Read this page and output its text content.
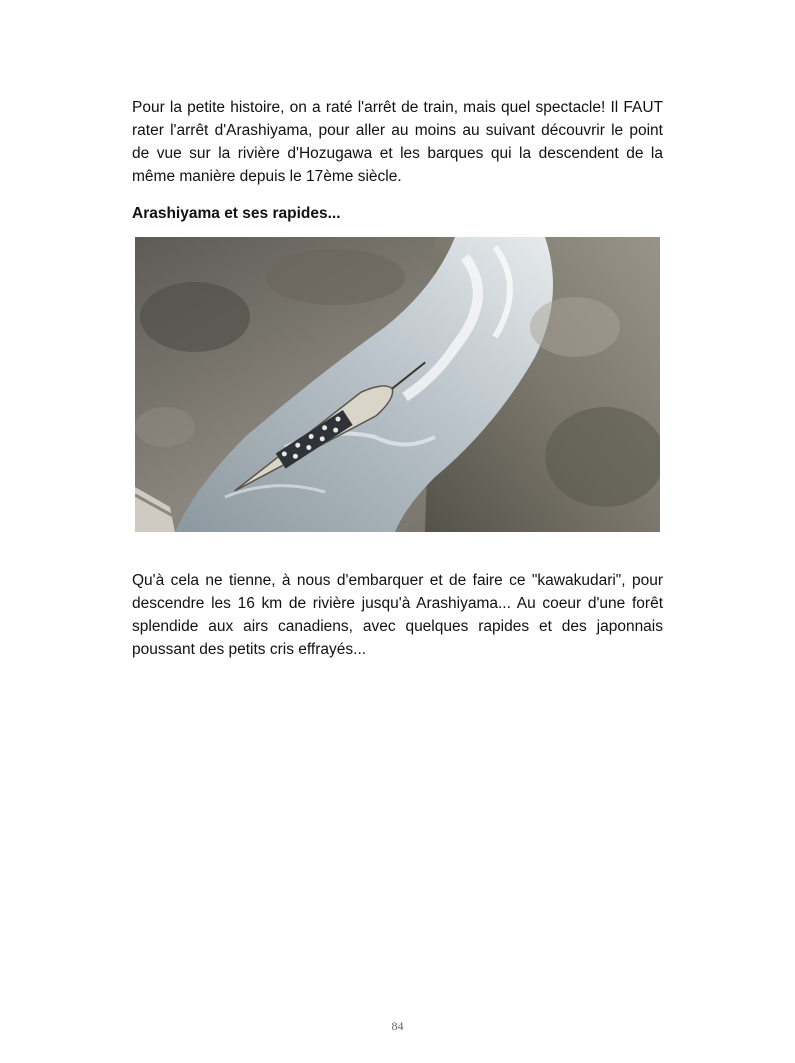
Pour la petite histoire, on a raté l'arrêt de train, mais quel spectacle! Il FAUT rater l'arrêt d'Arashiyama, pour aller au moins au suivant découvrir le point de vue sur la rivière d'Hozugawa et les barques qui la descendent de la même manière depuis le 17ème siècle.

Arashiyama et ses rapides...

Qu'à cela ne tienne, à nous d'embarquer et de faire ce "kawakudari", pour descendre les 16 km de rivière jusqu'à Arashiyama... Au coeur d'une forêt splendide aux airs canadiens, avec quelques rapides et des japonnais poussant des petits cris effrayés...

84
